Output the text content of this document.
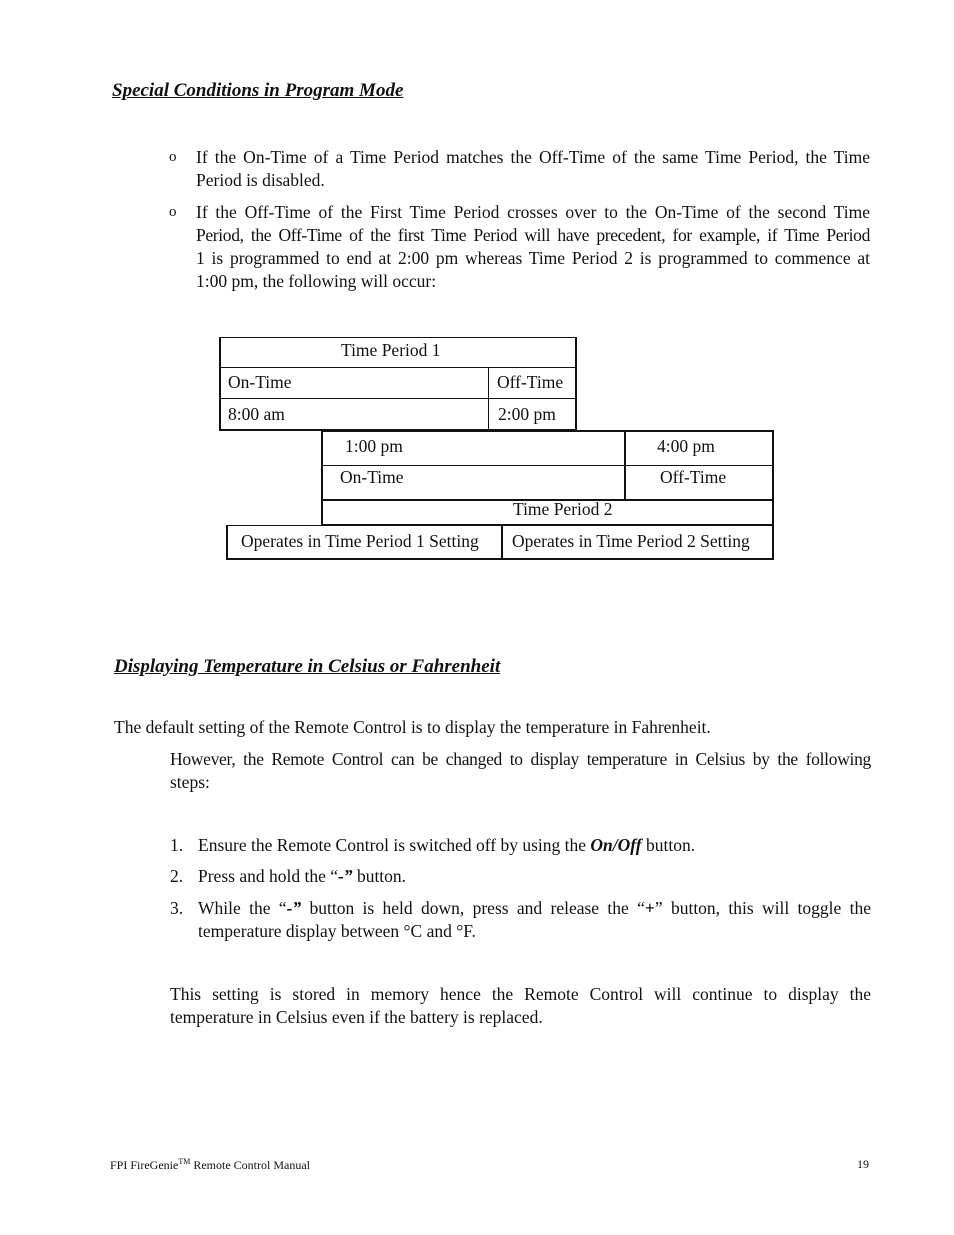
Special Conditions in Program Mode
o If the On-Time of a Time Period matches the Off-Time of the same Time Period, the Time
Period is disabled.
o If the Off-Time of the First Time Period crosses over to the On-Time of the second Time
Period, the Off-Time of the first Time Period will have precedent, for example, if Time Period
1 is programmed to end at 2:00 pm whereas Time Period 2 is programmed to commence at
1:00 pm, the following will occur:
Time Period 1
On-Time	Off-Time
8:00 am	2:00 pm
1:00 pm	4:00 pm
On-Time	Off-Time
Time Period 2
Operates in Time Period 1 Setting Operates in Time Period 2 Setting
Displaying Temperature in Celsius or Fahrenheit
The default setting of the Remote Control is to display the temperature in Fahrenheit.
However, the Remote Control can be changed to display temperature in Celsius by the following
steps:
1. Ensure the Remote Control is switched off by using the On/Off button.
2. Press and hold the “-” button.
3. While the “-” button is held down, press and release the “+” button, this will toggle the
temperature display between °C and °F.
This setting is stored in memory hence the Remote Control will continue to display the
temperature in Celsius even if the battery is replaced.
FPI FireGenie™ Remote Control Manual	19
